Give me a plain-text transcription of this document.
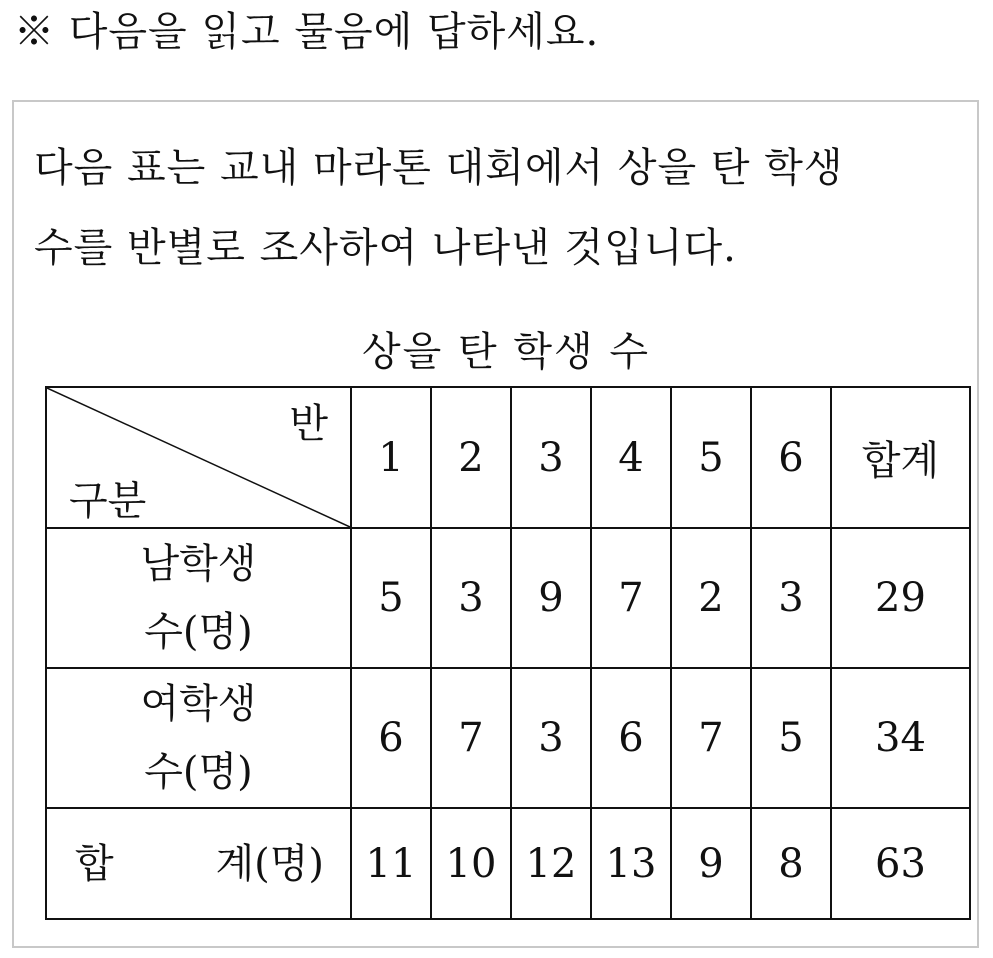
※ 다음을 읽고 물음에 답하세요.
다음 표는 교내 마라톤 대회에서 상을 탄 학생
수를 반별로 조사하여 나타낸 것입니다.
상을 탄 학생 수
반
구분	1	2	3	4	5	6	합계

남학생
수(명)	5	3	9	7	2	3	29

여학생
수(명)	6	7	3	6	7	5	34

합 계(명)	11	10	12	13	9	8	63
